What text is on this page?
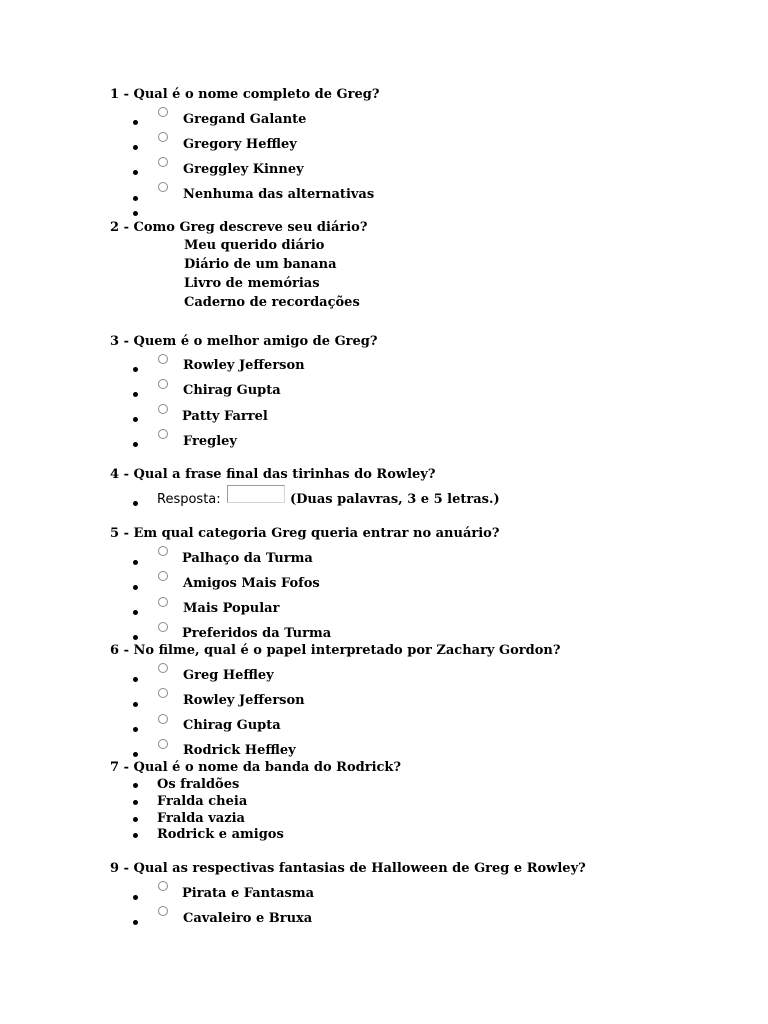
1 - Qual é o nome completo de Greg?
Gregand Galante
Gregory Heffley
Greggley Kinney
Nenhuma das alternativas
2 - Como Greg descreve seu diário?
Meu querido diário
Diário de um banana
Livro de memórias
Caderno de recordações
3 - Quem é o melhor amigo de Greg?
Rowley Jefferson
Chirag Gupta
Patty Farrel
Fregley
4 - Qual a frase final das tirinhas do Rowley?
Resposta:	(Duas palavras, 3 e 5 letras.)
5 - Em qual categoria Greg queria entrar no anuário?
Palhaço da Turma
Amigos Mais Fofos
Mais Popular
Preferidos da Turma
6 - No filme, qual é o papel interpretado por Zachary Gordon?
Greg Heffley
Rowley Jefferson
Chirag Gupta
Rodrick Heffley
7 - Qual é o nome da banda do Rodrick?
Os fraldões
Fralda cheia
Fralda vazia
Rodrick e amigos
9 - Qual as respectivas fantasias de Halloween de Greg e Rowley?
Pirata e Fantasma
Cavaleiro e Bruxa
